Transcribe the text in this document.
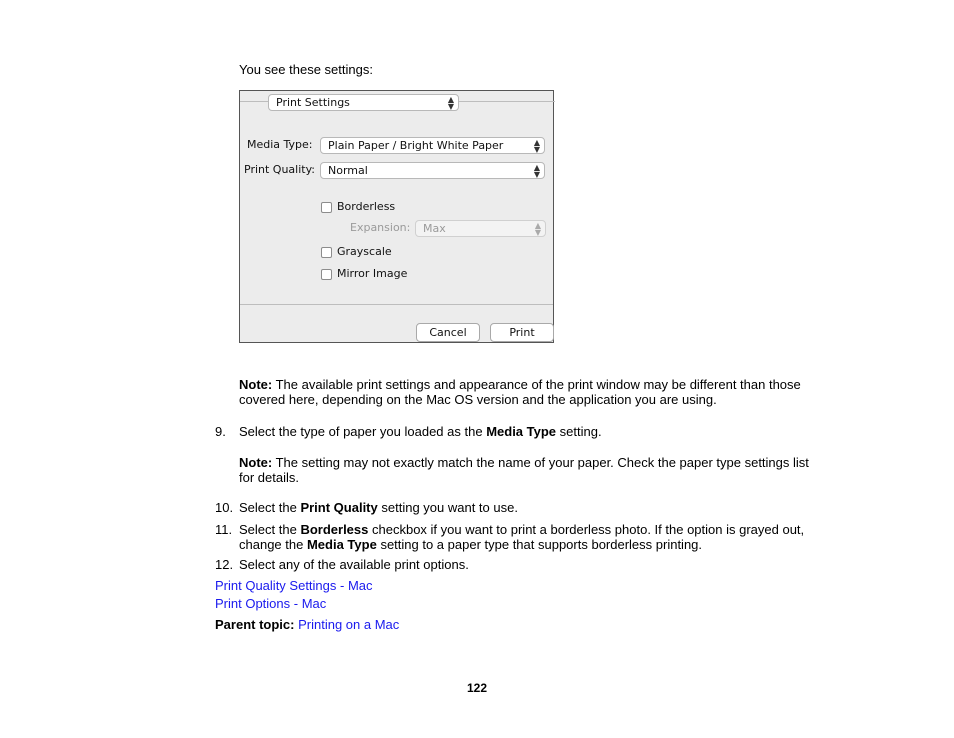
You see these settings:
Print Settings	▲
▼
Media Type:	Plain Paper / Bright White Paper	▲
▼
Print Quality:	Normal	▲
▼
Borderless
Expansion:	Max	▲
▼
Grayscale
Mirror Image
Cancel	Print
Note: The available print settings and appearance of the print window may be different than those covered here, depending on the Mac OS version and the application you are using.
9. Select the type of paper you loaded as the Media Type setting.
Note: The setting may not exactly match the name of your paper. Check the paper type settings list for details.
10. Select the Print Quality setting you want to use.
11. Select the Borderless checkbox if you want to print a borderless photo. If the option is grayed out, change the Media Type setting to a paper type that supports borderless printing.
12. Select any of the available print options.
Print Quality Settings - Mac
Print Options - Mac
Parent topic: Printing on a Mac
122
